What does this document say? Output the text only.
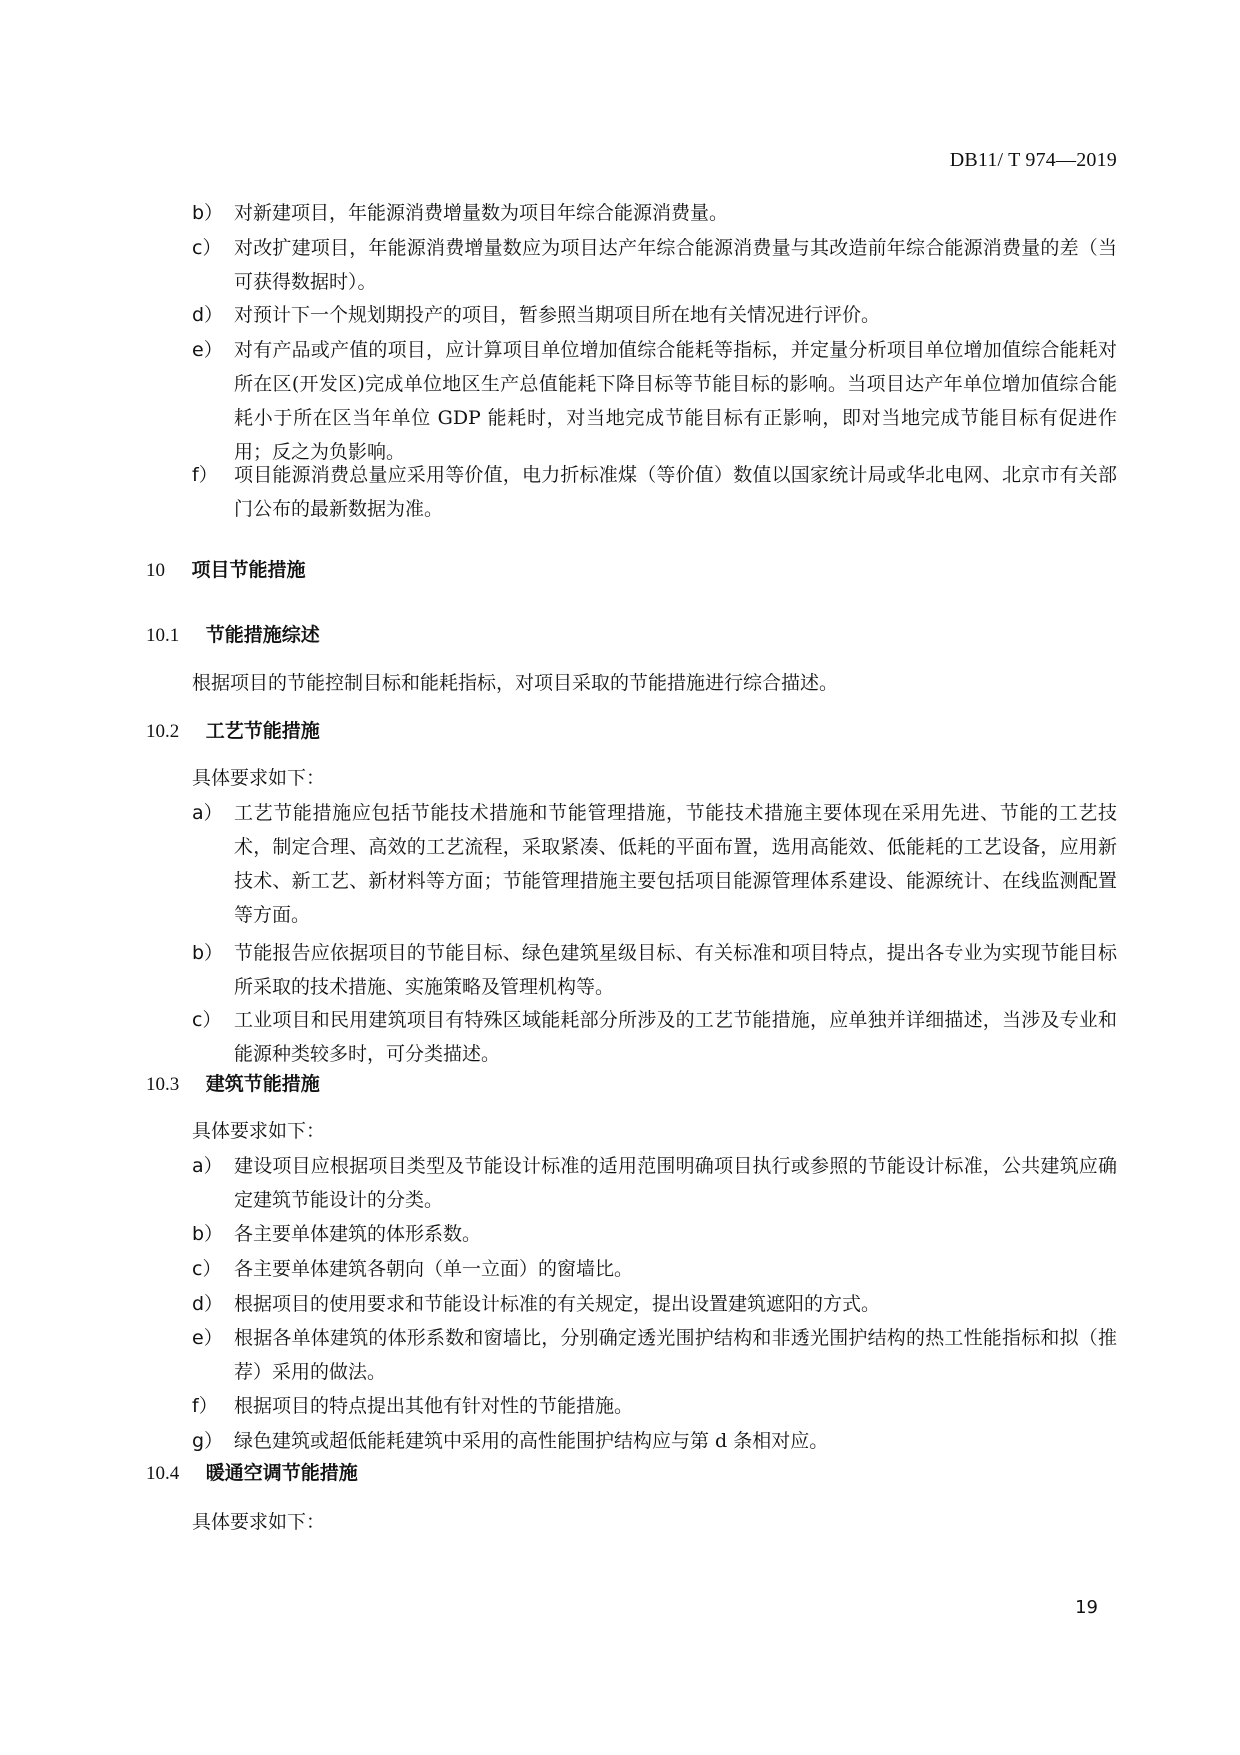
DB11/ T 974—2019
b） 对新建项目，年能源消费增量数为项目年综合能源消费量。
c） 对改扩建项目，年能源消费增量数应为项目达产年综合能源消费量与其改造前年综合能源消费量的差（当可获得数据时）。
d） 对预计下一个规划期投产的项目，暂参照当期项目所在地有关情况进行评价。
e） 对有产品或产值的项目，应计算项目单位增加值综合能耗等指标，并定量分析项目单位增加值综合能耗对所在区(开发区)完成单位地区生产总值能耗下降目标等节能目标的影响。当项目达产年单位增加值综合能耗小于所在区当年单位 GDP 能耗时，对当地完成节能目标有正影响，即对当地完成节能目标有促进作用；反之为负影响。
f） 项目能源消费总量应采用等价值，电力折标准煤（等价值）数值以国家统计局或华北电网、北京市有关部门公布的最新数据为准。
10 项目节能措施
10.1 节能措施综述
根据项目的节能控制目标和能耗指标，对项目采取的节能措施进行综合描述。
10.2 工艺节能措施
具体要求如下：
a） 工艺节能措施应包括节能技术措施和节能管理措施，节能技术措施主要体现在采用先进、节能的工艺技术，制定合理、高效的工艺流程，采取紧凑、低耗的平面布置，选用高能效、低能耗的工艺设备，应用新技术、新工艺、新材料等方面；节能管理措施主要包括项目能源管理体系建设、能源统计、在线监测配置等方面。
b） 节能报告应依据项目的节能目标、绿色建筑星级目标、有关标准和项目特点，提出各专业为实现节能目标所采取的技术措施、实施策略及管理机构等。
c） 工业项目和民用建筑项目有特殊区域能耗部分所涉及的工艺节能措施，应单独并详细描述，当涉及专业和能源种类较多时，可分类描述。
10.3 建筑节能措施
具体要求如下：
a） 建设项目应根据项目类型及节能设计标准的适用范围明确项目执行或参照的节能设计标准，公共建筑应确定建筑节能设计的分类。
b） 各主要单体建筑的体形系数。
c） 各主要单体建筑各朝向（单一立面）的窗墙比。
d） 根据项目的使用要求和节能设计标准的有关规定，提出设置建筑遮阳的方式。
e） 根据各单体建筑的体形系数和窗墙比，分别确定透光围护结构和非透光围护结构的热工性能指标和拟（推荐）采用的做法。
f） 根据项目的特点提出其他有针对性的节能措施。
g） 绿色建筑或超低能耗建筑中采用的高性能围护结构应与第 d 条相对应。
10.4 暖通空调节能措施
具体要求如下：
19
